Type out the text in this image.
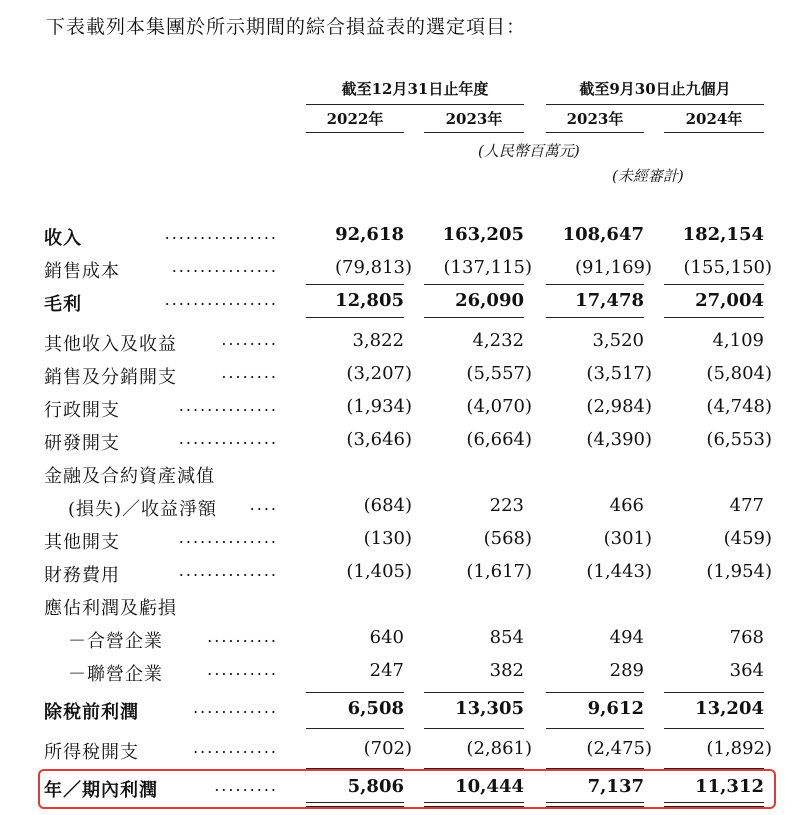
下表載列本集團於所示期間的綜合損益表的選定項目：
截至12月31日止年度	截至9月30日止九個月
2022年	2023年	2023年	2024年
(人民幣百萬元)
(未經審計)
收入	................	92,618	163,205	108,647	182,154
銷售成本	...............	(79,813)	(137,115)	(91,169)	(155,150)
毛利	................	12,805	26,090	17,478	27,004
其他收入及收益	........	3,822	4,232	3,520	4,109
銷售及分銷開支	........	(3,207)	(5,557)	(3,517)	(5,804)
行政開支	..............	(1,934)	(4,070)	(2,984)	(4,748)
研發開支	..............	(3,646)	(6,664)	(4,390)	(6,553)
金融及合約資產減值
(損失)／收益淨額 ....	(684)	223	466	477
其他開支	..............	(130)	(568)	(301)	(459)
財務費用	..............	(1,405)	(1,617)	(1,443)	(1,954)
應佔利潤及虧損
－合營企業	..........	640	854	494	768
－聯營企業	..........	247	382	289	364
除稅前利潤	............	6,508	13,305	9,612	13,204
所得稅開支	............	(702)	(2,861)	(2,475)	(1,892)
年／期內利潤	.........	5,806	10,444	7,137	11,312
